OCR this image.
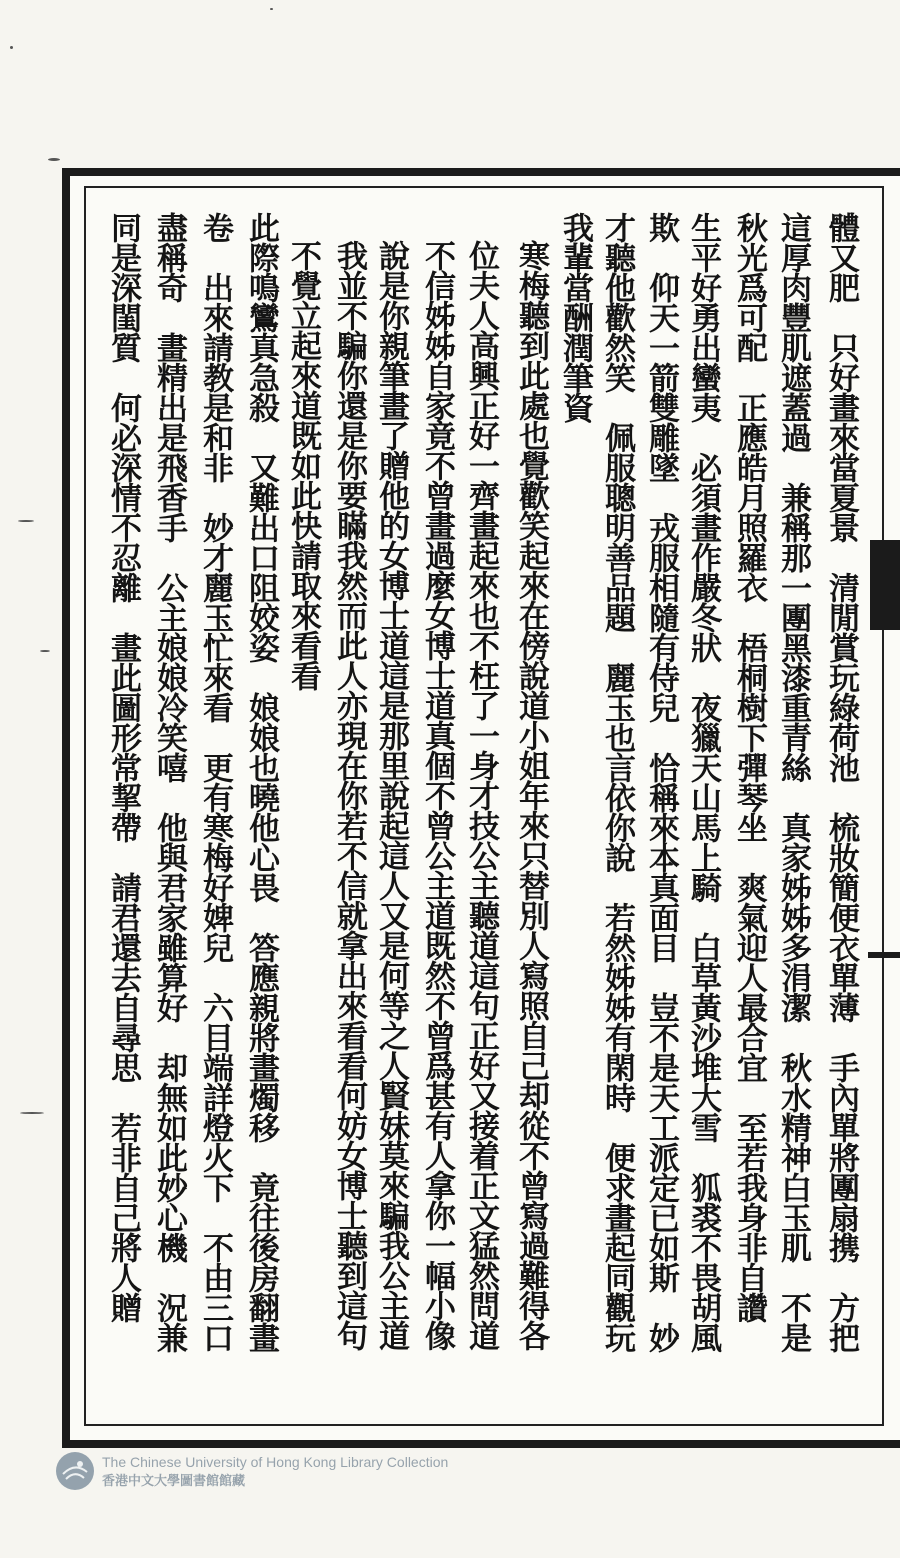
體又肥　只好畫來當夏景　清閒賞玩綠荷池　梳妝簡便衣單薄　手內單將團扇携　方把
這厚肉豐肌遮蓋過　兼稱那一團黑漆重青絲　真家姊姊多涓潔　秋水精神白玉肌　不是
秋光爲可配　正應皓月照羅衣　梧桐樹下彈琴坐　爽氣迎人最合宜　至若我身非自讚
生平好勇出蠻夷　必須畫作嚴冬狀　夜獵天山馬上騎　白草黃沙堆大雪　狐裘不畏胡風
欺　仰天一箭雙雕墜　戎服相隨有侍兒　恰稱來本真面目　豈不是天工派定已如斯　妙
才聽他歡然笑　佩服聰明善品題　麗玉也言依你說　若然姊姊有閑時　便求畫起同觀玩
我輩當酬潤筆資
寒梅聽到此處也覺歡笑起來在傍說道小姐年來只替別人寫照自己却從不曾寫過難得各
位夫人高興正好一齊畫起來也不枉了一身才技公主聽道這句正好又接着正文猛然問道
不信姊姊自家竟不曾畫過麼女博士道真個不曾公主道既然不曾爲甚有人拿你一幅小像
說是你親筆畫了贈他的女博士道這是那里說起這人又是何等之人賢妹莫來騙我公主道
我並不騙你還是你要瞞我然而此人亦現在你若不信就拿出來看看何妨女博士聽到這句
不覺立起來道既如此快請取來看看
此際鳴鸞真急殺　又難出口阻姣姿　娘娘也曉他心畏　答應親將畫燭移　竟往後房翻畫
卷　出來請教是和非　妙才麗玉忙來看　更有寒梅好婢兒　六目端詳燈火下　不由三口
盡稱奇　畫精出是飛香手　公主娘娘冷笑嘻　他與君家雖算好　却無如此妙心機　況兼
同是深閨質　何必深情不忍離　畫此圖形常挈帶　請君還去自尋思　若非自己將人贈
The Chinese University of Hong Kong Library Collection
香港中文大學圖書館館藏
